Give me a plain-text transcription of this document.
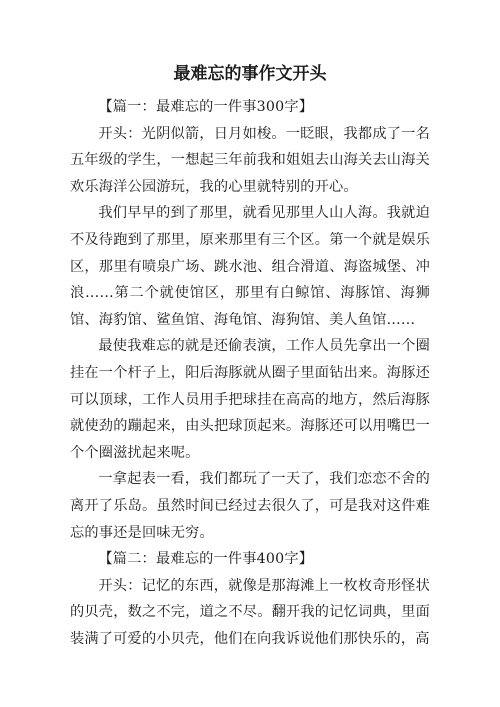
最难忘的事作文开头

【篇一：最难忘的一件事300字】

开头：光阴似箭，日月如梭。一眨眼，我都成了一名五年级的学生，一想起三年前我和姐姐去山海关去山海关欢乐海洋公园游玩，我的心里就特别的开心。

我们早早的到了那里，就看见那里人山人海。我就迫不及待跑到了那里，原来那里有三个区。第一个就是娱乐区，那里有喷泉广场、跳水池、组合滑道、海盗城堡、冲浪……第二个就使馆区，那里有白鲸馆、海豚馆、海狮馆、海豹馆、鲨鱼馆、海龟馆、海狗馆、美人鱼馆……

最使我难忘的就是还偷表演，工作人员先拿出一个圈挂在一个杆子上，阳后海豚就从圈子里面钻出来。海豚还可以顶球，工作人员用手把球挂在高高的地方，然后海豚就使劲的蹦起来，由头把球顶起来。海豚还可以用嘴巴一个个圈滋扰起来呢。

一拿起表一看，我们都玩了一天了，我们恋恋不舍的离开了乐岛。虽然时间已经过去很久了，可是我对这件难忘的事还是回味无穷。

【篇二：最难忘的一件事400字】

开头：记忆的东西，就像是那海滩上一枚枚奇形怪状的贝壳，数之不完，道之不尽。翻开我的记忆词典，里面装满了可爱的小贝壳，他们在向我诉说他们那快乐的，高
